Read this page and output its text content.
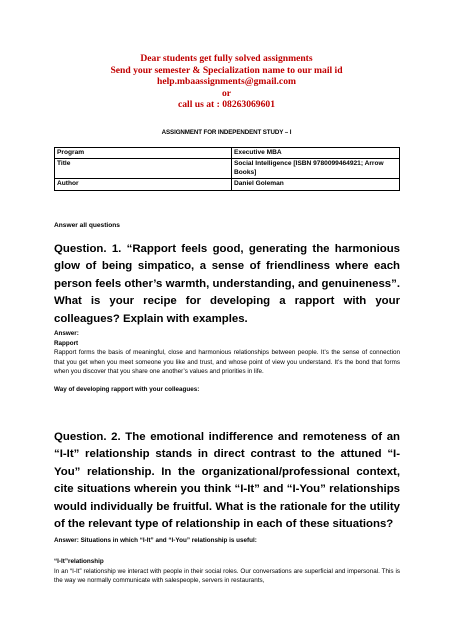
Dear students get fully solved assignments
Send your semester & Specialization name to our mail id
help.mbaassignments@gmail.com
or
call us at : 08263069601
ASSIGNMENT FOR INDEPENDENT STUDY – I
Program	Executive MBA
Title	Social Intelligence [ISBN 9780099464921; Arrow Books]
Author	Daniel Goleman
Answer all questions
Question. 1. “Rapport feels good, generating the harmonious glow of being simpatico, a sense of friendliness where each person feels other’s warmth, understanding, and genuineness”. What is your recipe for developing a rapport with your colleagues? Explain with examples.
Answer:
Rapport
Rapport forms the basis of meaningful, close and harmonious relationships between people. It’s the sense of connection that you get when you meet someone you like and trust, and whose point of view you understand. It’s the bond that forms when you discover that you share one another’s values and priorities in life.
Way of developing rapport with your colleagues:
Question. 2. The emotional indifference and remoteness of an “I-It” relationship stands in direct contrast to the attuned “I-You” relationship. In the organizational/professional context, cite situations wherein you think “I-It” and “I-You” relationships would individually be fruitful. What is the rationale for the utility of the relevant type of relationship in each of these situations?
Answer: Situations in which “I-It” and “I-You” relationship is useful:
“I-It”relationship
In an “I-It” relationship we interact with people in their social roles. Our conversations are superficial and impersonal. This is the way we normally communicate with salespeople, servers in restaurants,
